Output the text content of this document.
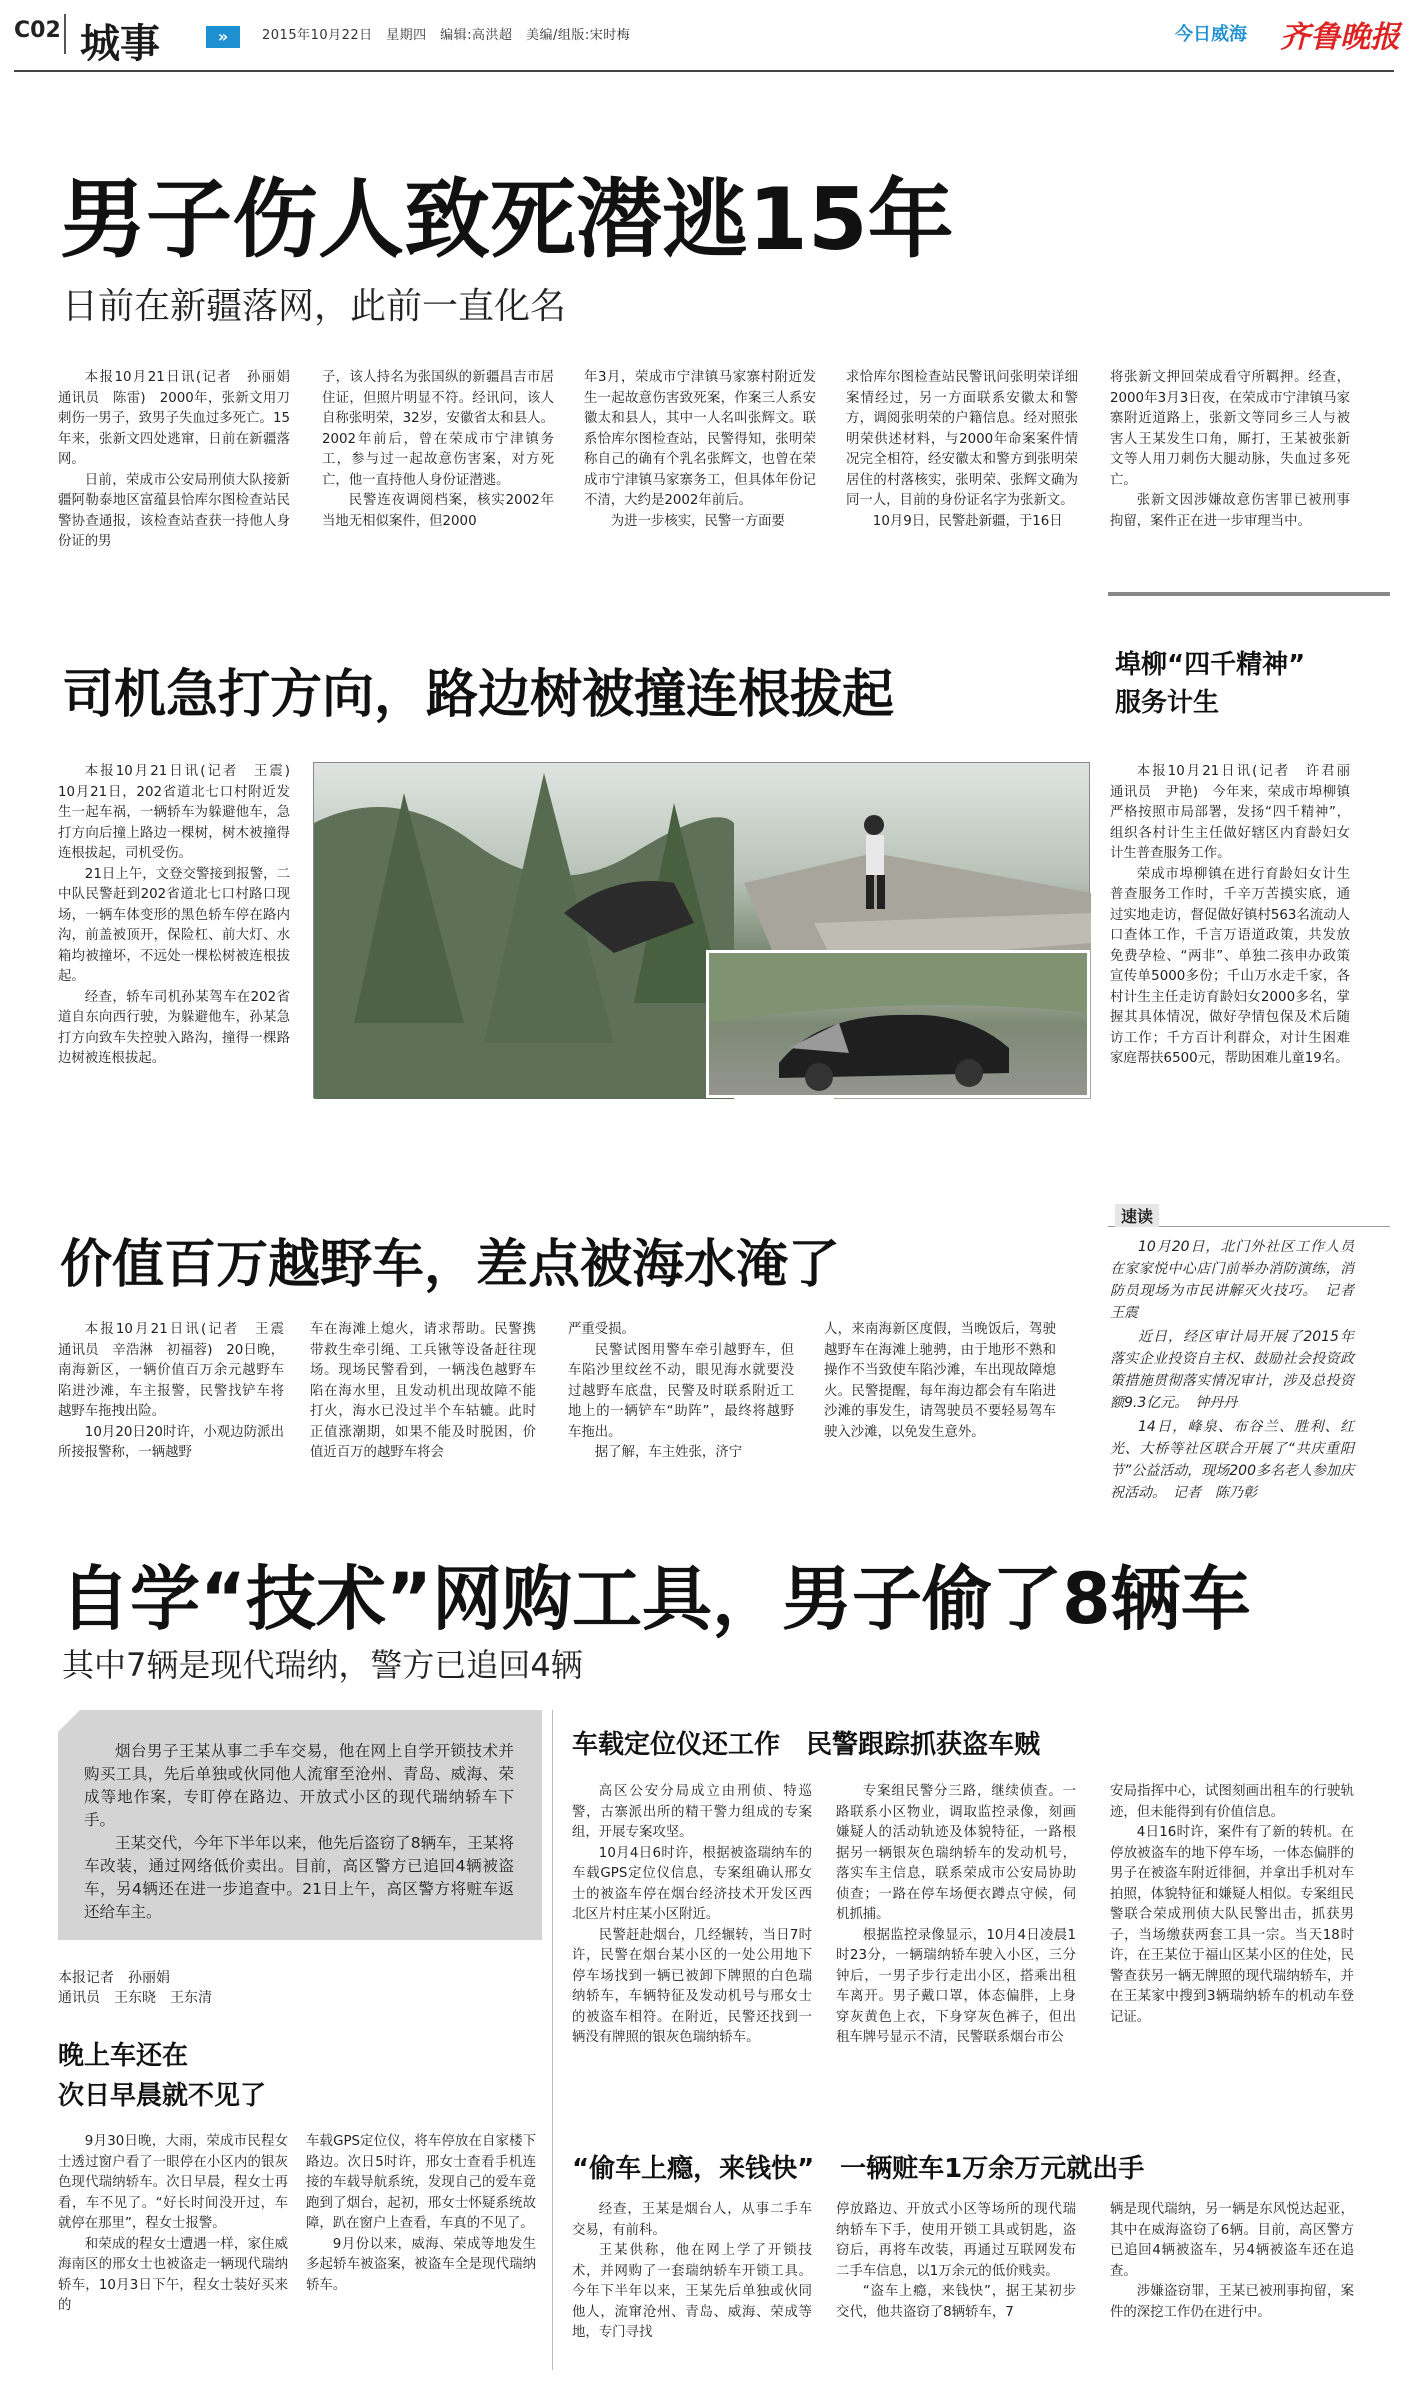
C02 城事	»	2015年10月22日　星期四　编辑:高洪超　美编/组版:宋时梅	今日威海 齐鲁晚报
男子伤人致死潜逃15年
日前在新疆落网，此前一直化名

本报10月21日讯(记者　孙丽娟　通讯员　陈雷)　2000年，张新文用刀刺伤一男子，致男子失血过多死亡。15年来，张新文四处逃窜，日前在新疆落网。

日前，荣成市公安局刑侦大队接新疆阿勒泰地区富蕴县恰库尔图检查站民警协查通报，该检查站查获一持他人身份证的男

子，该人持名为张国纵的新疆昌吉市居住证，但照片明显不符。经讯问，该人自称张明荣，32岁，安徽省太和县人。2002年前后，曾在荣成市宁津镇务工，参与过一起故意伤害案，对方死亡，他一直持他人身份证潜逃。

民警连夜调阅档案，核实2002年当地无相似案件，但2000

年3月，荣成市宁津镇马家寨村附近发生一起故意伤害致死案，作案三人系安徽太和县人，其中一人名叫张辉文。联系恰库尔图检查站，民警得知，张明荣称自己的确有个乳名张辉文，也曾在荣成市宁津镇马家寨务工，但具体年份记不清，大约是2002年前后。

为进一步核实，民警一方面要

求恰库尔图检查站民警讯问张明荣详细案情经过，另一方面联系安徽太和警方，调阅张明荣的户籍信息。经对照张明荣供述材料，与2000年命案案件情况完全相符，经安徽太和警方到张明荣居住的村落核实，张明荣、张辉文确为同一人，目前的身份证名字为张新文。

10月9日，民警赴新疆，于16日

将张新文押回荣成看守所羁押。经查，2000年3月3日夜，在荣成市宁津镇马家寨附近道路上，张新文等同乡三人与被害人王某发生口角，厮打，王某被张新文等人用刀刺伤大腿动脉，失血过多死亡。

张新文因涉嫌故意伤害罪已被刑事拘留，案件正在进一步审理当中。

司机急打方向，路边树被撞连根拔起

本报10月21日讯(记者　王震)　10月21日，202省道北七口村附近发生一起车祸，一辆轿车为躲避他车，急打方向后撞上路边一棵树，树木被撞得连根拔起，司机受伤。

21日上午，文登交警接到报警，二中队民警赶到202省道北七口村路口现场，一辆车体变形的黑色轿车停在路内沟，前盖被顶开，保险杠、前大灯、水箱均被撞坏，不远处一棵松树被连根拔起。

经查，轿车司机孙某驾车在202省道自东向西行驶，为躲避他车，孙某急打方向致车失控驶入路沟，撞得一棵路边树被连根拔起。

埠柳“四千精神”
服务计生

本报10月21日讯(记者　许君丽　通讯员　尹艳)　今年来，荣成市埠柳镇严格按照市局部署，发扬“四千精神”，组织各村计生主任做好辖区内育龄妇女计生普查服务工作。

荣成市埠柳镇在进行育龄妇女计生普查服务工作时，千辛万苦摸实底，通过实地走访，督促做好镇村563名流动人口查体工作，千言万语道政策，共发放免费孕检、“两非”、单独二孩申办政策宣传单5000多份；千山万水走千家，各村计生主任走访育龄妇女2000多名，掌握其具体情况，做好孕情包保及术后随访工作；千方百计利群众，对计生困难家庭帮扶6500元，帮助困难儿童19名。

速读

10月20日，北门外社区工作人员在家家悦中心店门前举办消防演练，消防员现场为市民讲解灭火技巧。　记者　王震

近日，经区审计局开展了2015年落实企业投资自主权、鼓励社会投资政策措施贯彻落实情况审计，涉及总投资额9.3亿元。　钟丹丹

14日，峰泉、布谷兰、胜利、红光、大桥等社区联合开展了“共庆重阳节”公益活动，现场200多名老人参加庆祝活动。　记者　陈乃彰

价值百万越野车，差点被海水淹了

本报10月21日讯(记者　王震　通讯员　辛浩淋　初福蓉)　20日晚，南海新区，一辆价值百万余元越野车陷进沙滩，车主报警，民警找铲车将越野车拖拽出险。

10月20日20时许，小观边防派出所接报警称，一辆越野

车在海滩上熄火，请求帮助。民警携带救生牵引绳、工兵锹等设备赶往现场。现场民警看到，一辆浅色越野车陷在海水里，且发动机出现故障不能打火，海水已没过半个车轱辘。此时正值涨潮期，如果不能及时脱困，价值近百万的越野车将会

严重受损。

民警试图用警车牵引越野车，但车陷沙里纹丝不动，眼见海水就要没过越野车底盘，民警及时联系附近工地上的一辆铲车“助阵”，最终将越野车拖出。

据了解，车主姓张，济宁

人，来南海新区度假，当晚饭后，驾驶越野车在海滩上驰骋，由于地形不熟和操作不当致使车陷沙滩，车出现故障熄火。民警提醒，每年海边都会有车陷进沙滩的事发生，请驾驶员不要轻易驾车驶入沙滩，以免发生意外。

自学“技术”网购工具，男子偷了8辆车
其中7辆是现代瑞纳，警方已追回4辆

烟台男子王某从事二手车交易，他在网上自学开锁技术并购买工具，先后单独或伙同他人流窜至沧州、青岛、威海、荣成等地作案，专盯停在路边、开放式小区的现代瑞纳轿车下手。

王某交代，今年下半年以来，他先后盗窃了8辆车，王某将车改装，通过网络低价卖出。目前，高区警方已追回4辆被盗车，另4辆还在进一步追查中。21日上午，高区警方将赃车返还给车主。

本报记者　孙丽娟
通讯员　王东晓　王东清
晚上车还在
次日早晨就不见了

9月30日晚，大雨，荣成市民程女士透过窗户看了一眼停在小区内的银灰色现代瑞纳轿车。次日早晨，程女士再看，车不见了。“好长时间没开过，车就停在那里”，程女士报警。

和荣成的程女士遭遇一样，家住威海南区的邢女士也被盗走一辆现代瑞纳轿车，10月3日下午，程女士装好买来的

车载GPS定位仪，将车停放在自家楼下路边。次日5时许，邢女士查看手机连接的车载导航系统，发现自己的爱车竟跑到了烟台，起初，邢女士怀疑系统故障，趴在窗户上查看，车真的不见了。

9月份以来，威海、荣成等地发生多起轿车被盗案，被盗车全是现代瑞纳轿车。

车载定位仪还工作　民警跟踪抓获盗车贼

高区公安分局成立由刑侦、特巡警，古寨派出所的精干警力组成的专案组，开展专案攻坚。

10月4日6时许，根据被盗瑞纳车的车载GPS定位仪信息，专案组确认邢女士的被盗车停在烟台经济技术开发区西北区片村庄某小区附近。

民警赶赴烟台，几经辗转，当日7时许，民警在烟台某小区的一处公用地下停车场找到一辆已被卸下牌照的白色瑞纳轿车，车辆特征及发动机号与邢女士的被盗车相符。在附近，民警还找到一辆没有牌照的银灰色瑞纳轿车。

专案组民警分三路，继续侦查。一路联系小区物业，调取监控录像，刻画嫌疑人的活动轨迹及体貌特征，一路根据另一辆银灰色瑞纳轿车的发动机号，落实车主信息，联系荣成市公安局协助侦查；一路在停车场便衣蹲点守候，伺机抓捕。

根据监控录像显示，10月4日凌晨1时23分，一辆瑞纳轿车驶入小区，三分钟后，一男子步行走出小区，搭乘出租车离开。男子戴口罩，体态偏胖，上身穿灰黄色上衣，下身穿灰色裤子，但出租车牌号显示不清，民警联系烟台市公

安局指挥中心，试图刻画出租车的行驶轨迹，但未能得到有价值信息。

4日16时许，案件有了新的转机。在停放被盗车的地下停车场，一体态偏胖的男子在被盗车附近徘徊，并拿出手机对车拍照，体貌特征和嫌疑人相似。专案组民警联合荣成刑侦大队民警出击，抓获男子，当场缴获两套工具一宗。当天18时许，在王某位于福山区某小区的住处，民警查获另一辆无牌照的现代瑞纳轿车，并在王某家中搜到3辆瑞纳轿车的机动车登记证。

“偷车上瘾，来钱快”　一辆赃车1万余万元就出手

经查，王某是烟台人，从事二手车交易，有前科。

王某供称，他在网上学了开锁技术，并网购了一套瑞纳轿车开锁工具。今年下半年以来，王某先后单独或伙同他人，流窜沧州、青岛、威海、荣成等地，专门寻找

停放路边、开放式小区等场所的现代瑞纳轿车下手，使用开锁工具或钥匙，盗窃后，再将车改装，再通过互联网发布二手车信息，以1万余元的低价贱卖。

“盗车上瘾，来钱快”，据王某初步交代，他共盗窃了8辆轿车，7

辆是现代瑞纳，另一辆是东风悦达起亚，其中在威海盗窃了6辆。目前，高区警方已追回4辆被盗车，另4辆被盗车还在追查。

涉嫌盗窃罪，王某已被刑事拘留，案件的深挖工作仍在进行中。
